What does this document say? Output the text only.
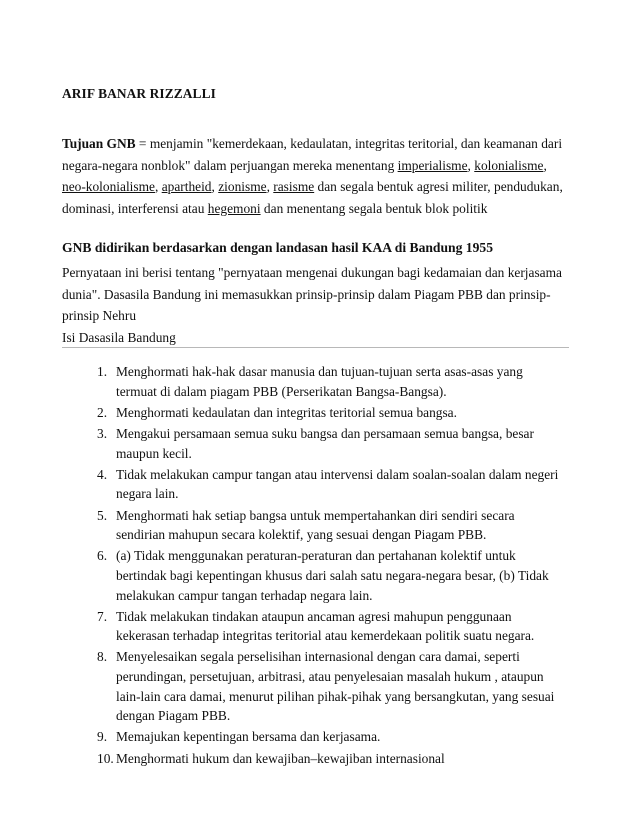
ARIF BANAR RIZZALLI
Tujuan GNB = menjamin "kemerdekaan, kedaulatan, integritas teritorial, dan keamanan dari negara-negara nonblok" dalam perjuangan mereka menentang imperialisme, kolonialisme, neo-kolonialisme, apartheid, zionisme, rasisme dan segala bentuk agresi militer, pendudukan, dominasi, interferensi atau hegemoni dan menentang segala bentuk blok politik
GNB didirikan berdasarkan dengan landasan hasil KAA di Bandung 1955
Pernyataan ini berisi tentang "pernyataan mengenai dukungan bagi kedamaian dan kerjasama dunia". Dasasila Bandung ini memasukkan prinsip-prinsip dalam Piagam PBB dan prinsip-prinsip Nehru
Isi Dasasila Bandung
1. Menghormati hak-hak dasar manusia dan tujuan-tujuan serta asas-asas yang termuat di dalam piagam PBB (Perserikatan Bangsa-Bangsa).
2. Menghormati kedaulatan dan integritas teritorial semua bangsa.
3. Mengakui persamaan semua suku bangsa dan persamaan semua bangsa, besar maupun kecil.
4. Tidak melakukan campur tangan atau intervensi dalam soalan-soalan dalam negeri negara lain.
5. Menghormati hak setiap bangsa untuk mempertahankan diri sendiri secara sendirian mahupun secara kolektif, yang sesuai dengan Piagam PBB.
6. (a) Tidak menggunakan peraturan-peraturan dan pertahanan kolektif untuk bertindak bagi kepentingan khusus dari salah satu negara-negara besar, (b) Tidak melakukan campur tangan terhadap negara lain.
7. Tidak melakukan tindakan ataupun ancaman agresi mahupun penggunaan kekerasan terhadap integritas teritorial atau kemerdekaan politik suatu negara.
8. Menyelesaikan segala perselisihan internasional dengan cara damai, seperti perundingan, persetujuan, arbitrasi, atau penyelesaian masalah hukum , ataupun lain-lain cara damai, menurut pilihan pihak-pihak yang bersangkutan, yang sesuai dengan Piagam PBB.
9. Memajukan kepentingan bersama dan kerjasama.
10. Menghormati hukum dan kewajiban–kewajiban internasional
